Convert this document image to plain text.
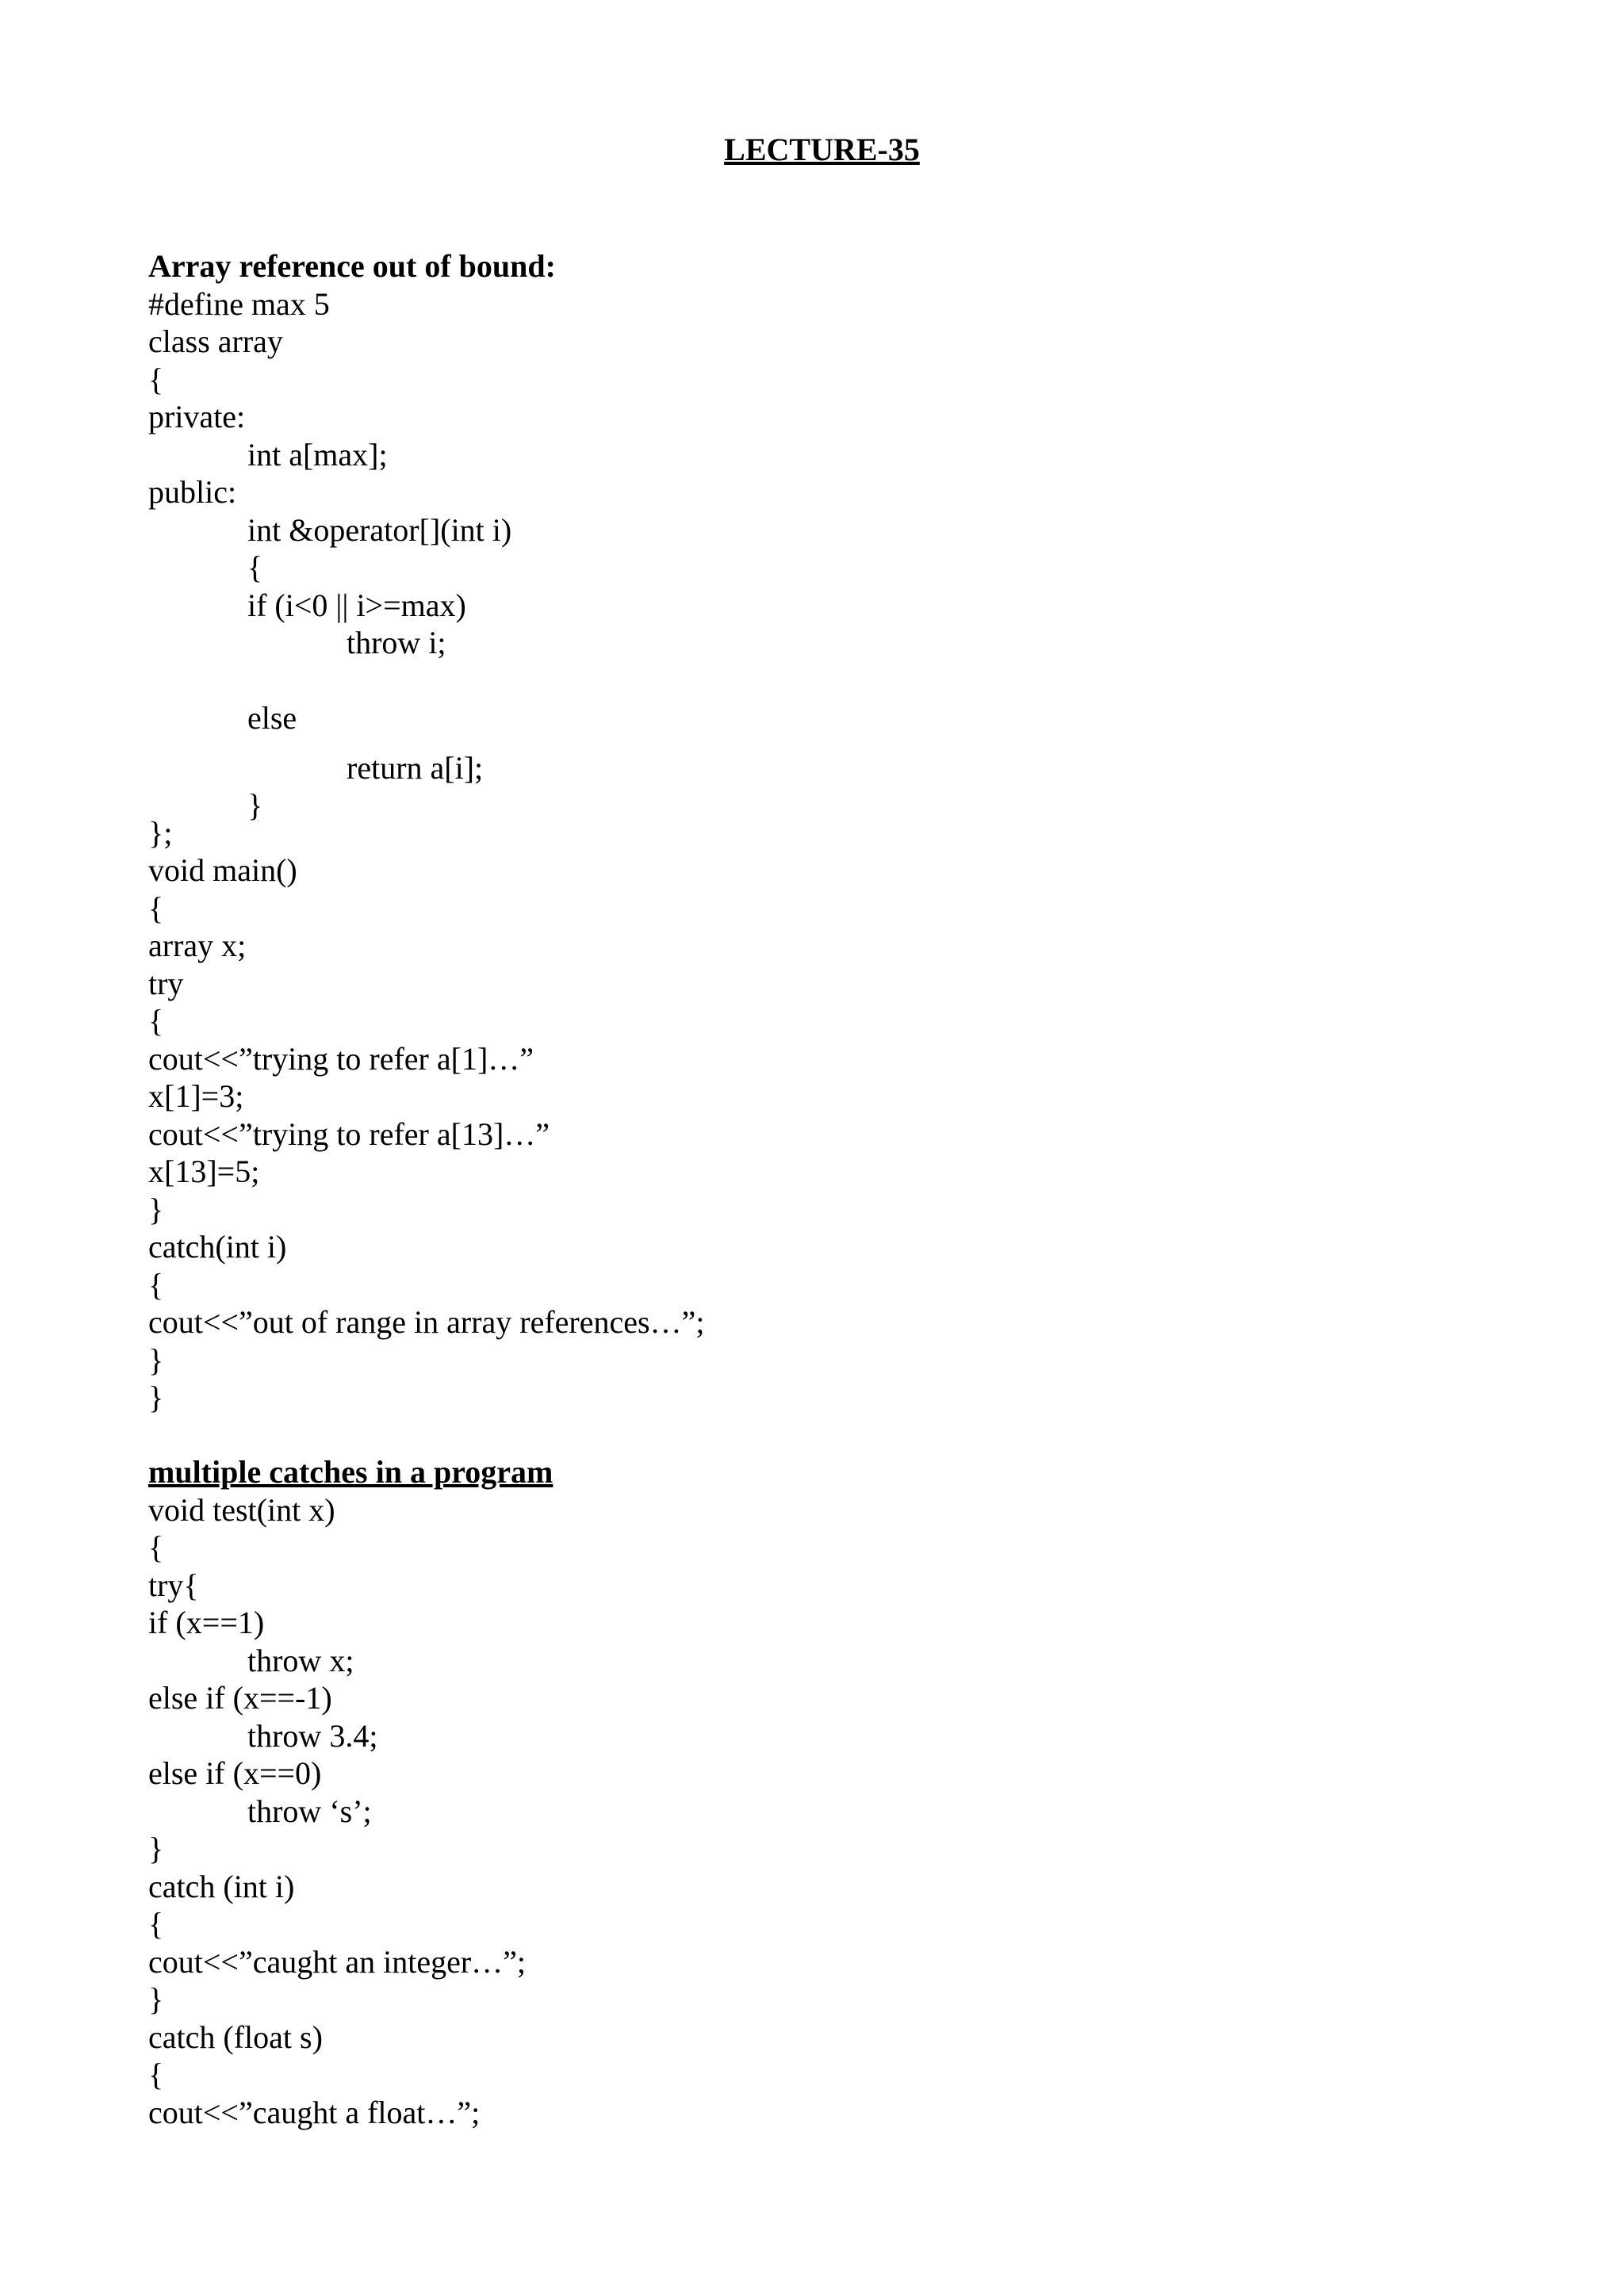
LECTURE-35
Array reference out of bound:
#define max 5
class array
{
private:
int a[max];
public:
int &operator[](int i)
{
if (i<0 || i>=max)
throw i;
else
return a[i];
}
};
void main()
{
array x;
try
{
cout<<”trying to refer a[1]…”
x[1]=3;
cout<<”trying to refer a[13]…”
x[13]=5;
}
catch(int i)
{
cout<<”out of range in array references…”;
}
}
multiple catches in a program
void test(int x)
{
try{
if (x==1)
throw x;
else if (x==-1)
throw 3.4;
else if (x==0)
throw ‘s’;
}
catch (int i)
{
cout<<”caught an integer…”;
}
catch (float s)
{
cout<<”caught a float…”;
